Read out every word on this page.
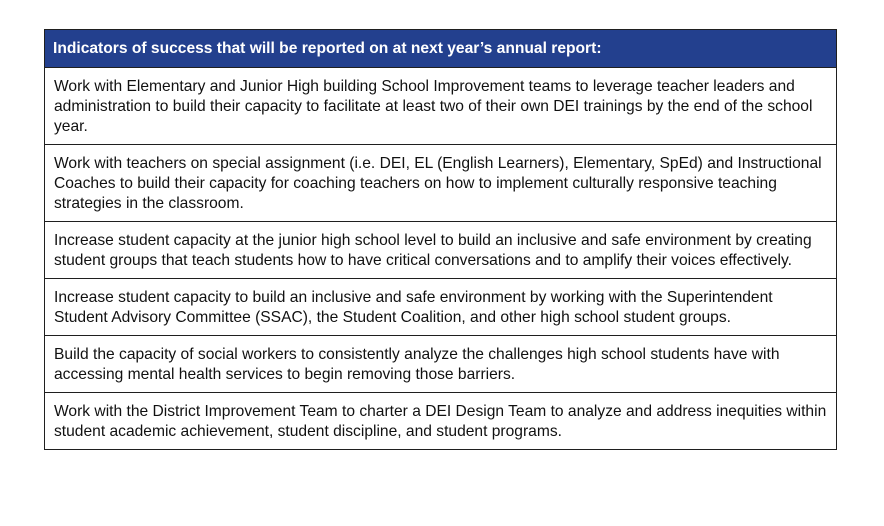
Indicators of success that will be reported on at next year’s annual report:
Work with Elementary and Junior High building School Improvement teams to leverage teacher leaders and administration to build their capacity to facilitate at least two of their own DEI trainings by the end of the school year.
Work with teachers on special assignment (i.e. DEI, EL (English Learners), Elementary, SpEd) and Instructional Coaches to build their capacity for coaching teachers on how to implement culturally responsive teaching strategies in the classroom.
Increase student capacity at the junior high school level to build an inclusive and safe environment by creating student groups that teach students how to have critical conversations and to amplify their voices effectively.
Increase student capacity to build an inclusive and safe environment by working with the Superintendent Student Advisory Committee (SSAC), the Student Coalition, and other high school student groups.
Build the capacity of social workers to consistently analyze the challenges high school students have with accessing mental health services to begin removing those barriers.
Work with the District Improvement Team to charter a DEI Design Team to analyze and address inequities within student academic achievement, student discipline, and student programs.
